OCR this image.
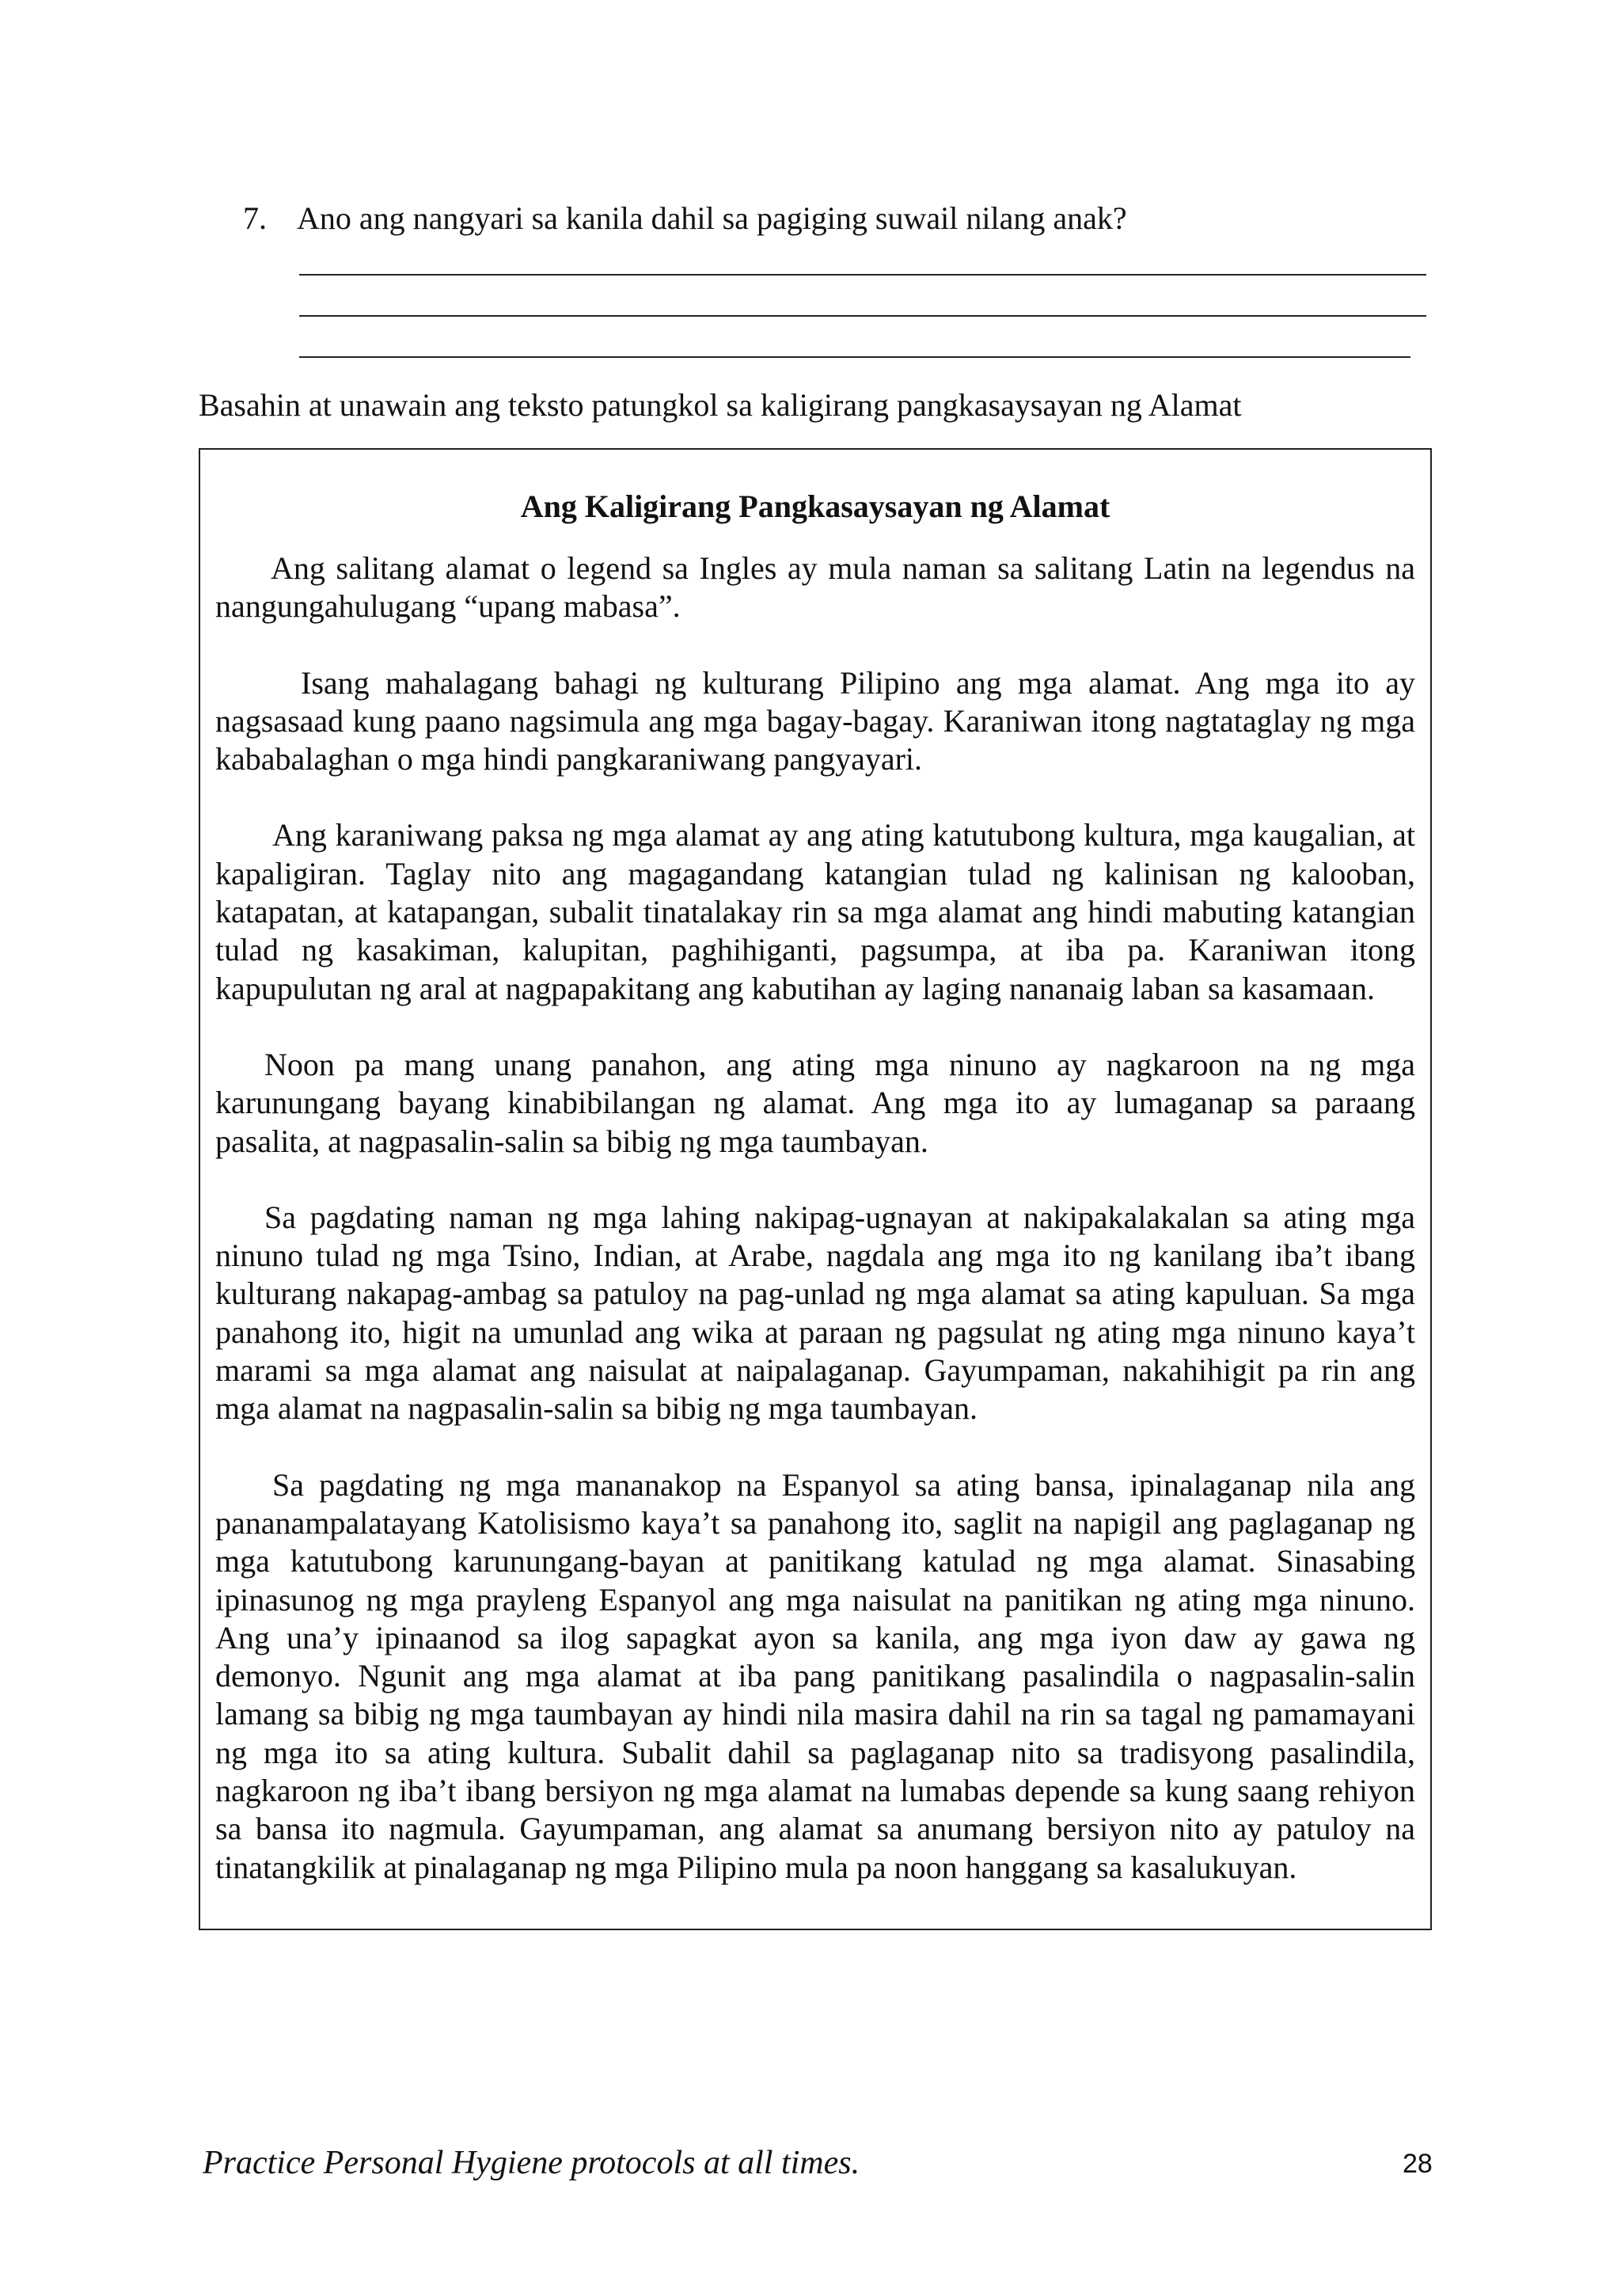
7. Ano ang nangyari sa kanila dahil sa pagiging suwail nilang anak?
Basahin at unawain ang teksto patungkol sa kaligirang pangkasaysayan ng Alamat
Ang Kaligirang Pangkasaysayan ng Alamat

Ang salitang alamat o legend sa Ingles ay mula naman sa salitang Latin na legendus na nangungahulugang “upang mabasa”.

Isang mahalagang bahagi ng kulturang Pilipino ang mga alamat. Ang mga ito ay nagsasaad kung paano nagsimula ang mga bagay-bagay. Karaniwan itong nagtataglay ng mga kababalaghan o mga hindi pangkaraniwang pangyayari.

Ang karaniwang paksa ng mga alamat ay ang ating katutubong kultura, mga kaugalian, at kapaligiran. Taglay nito ang magagandang katangian tulad ng kalinisan ng kalooban, katapatan, at katapangan, subalit tinatalakay rin sa mga alamat ang hindi mabuting katangian tulad ng kasakiman, kalupitan, paghihiganti, pagsumpa, at iba pa. Karaniwan itong kapupulutan ng aral at nagpapakitang ang kabutihan ay laging nananaig laban sa kasamaan.

Noon pa mang unang panahon, ang ating mga ninuno ay nagkaroon na ng mga karunungang bayang kinabibilangan ng alamat. Ang mga ito ay lumaganap sa paraang pasalita, at nagpasalin-salin sa bibig ng mga taumbayan.

Sa pagdating naman ng mga lahing nakipag-ugnayan at nakipakalakalan sa ating mga ninuno tulad ng mga Tsino, Indian, at Arabe, nagdala ang mga ito ng kanilang iba’t ibang kulturang nakapag-ambag sa patuloy na pag-unlad ng mga alamat sa ating kapuluan. Sa mga panahong ito, higit na umunlad ang wika at paraan ng pagsulat ng ating mga ninuno kaya’t marami sa mga alamat ang naisulat at naipalaganap. Gayumpaman, nakahihigit pa rin ang mga alamat na nagpasalin-salin sa bibig ng mga taumbayan.

Sa pagdating ng mga mananakop na Espanyol sa ating bansa, ipinalaganap nila ang pananampalatayang Katolisismo kaya’t sa panahong ito, saglit na napigil ang paglaganap ng mga katutubong karunungang-bayan at panitikang katulad ng mga alamat. Sinasabing ipinasunog ng mga prayleng Espanyol ang mga naisulat na panitikan ng ating mga ninuno. Ang una’y ipinaanod sa ilog sapagkat ayon sa kanila, ang mga iyon daw ay gawa ng demonyo. Ngunit ang mga alamat at iba pang panitikang pasalindila o nagpasalin-salin lamang sa bibig ng mga taumbayan ay hindi nila masira dahil na rin sa tagal ng pamamayani ng mga ito sa ating kultura. Subalit dahil sa paglaganap nito sa tradisyong pasalindila, nagkaroon ng iba’t ibang bersiyon ng mga alamat na lumabas depende sa kung saang rehiyon sa bansa ito nagmula. Gayumpaman, ang alamat sa anumang bersiyon nito ay patuloy na tinatangkilik at pinalaganap ng mga Pilipino mula pa noon hanggang sa kasalukuyan.

Practice Personal Hygiene protocols at all times.	28
